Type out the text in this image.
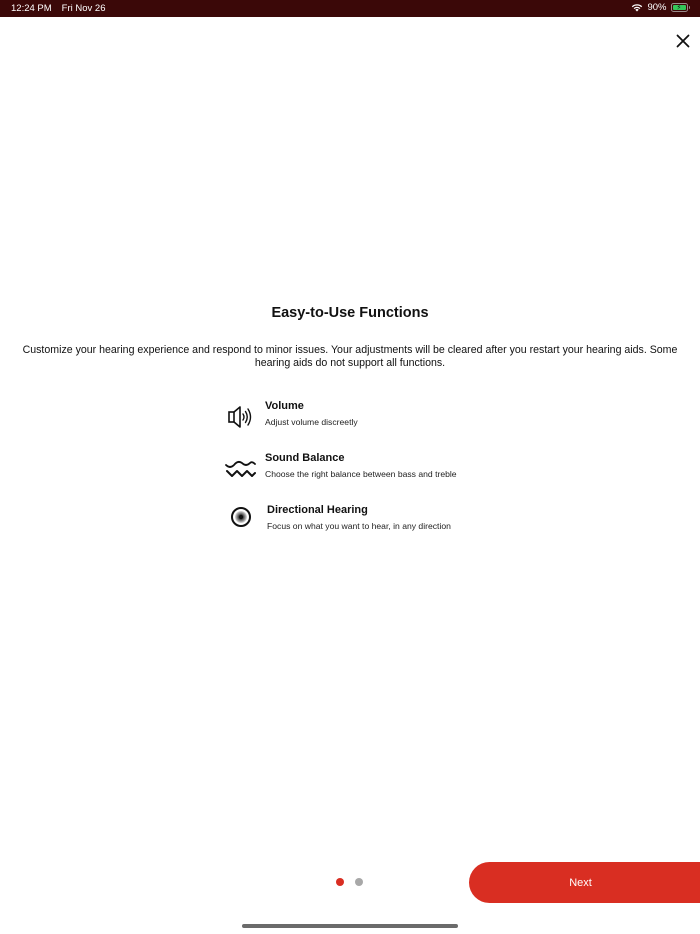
12:24 PM Fri Nov 26	90% ⚡
Easy-to-Use Functions
Customize your hearing experience and respond to minor issues. Your adjustments will be cleared after you restart your hearing aids. Some hearing aids do not support all functions.
Volume
Adjust volume discreetly
Sound Balance
Choose the right balance between bass and treble
Directional Hearing
Focus on what you want to hear, in any direction
Next
